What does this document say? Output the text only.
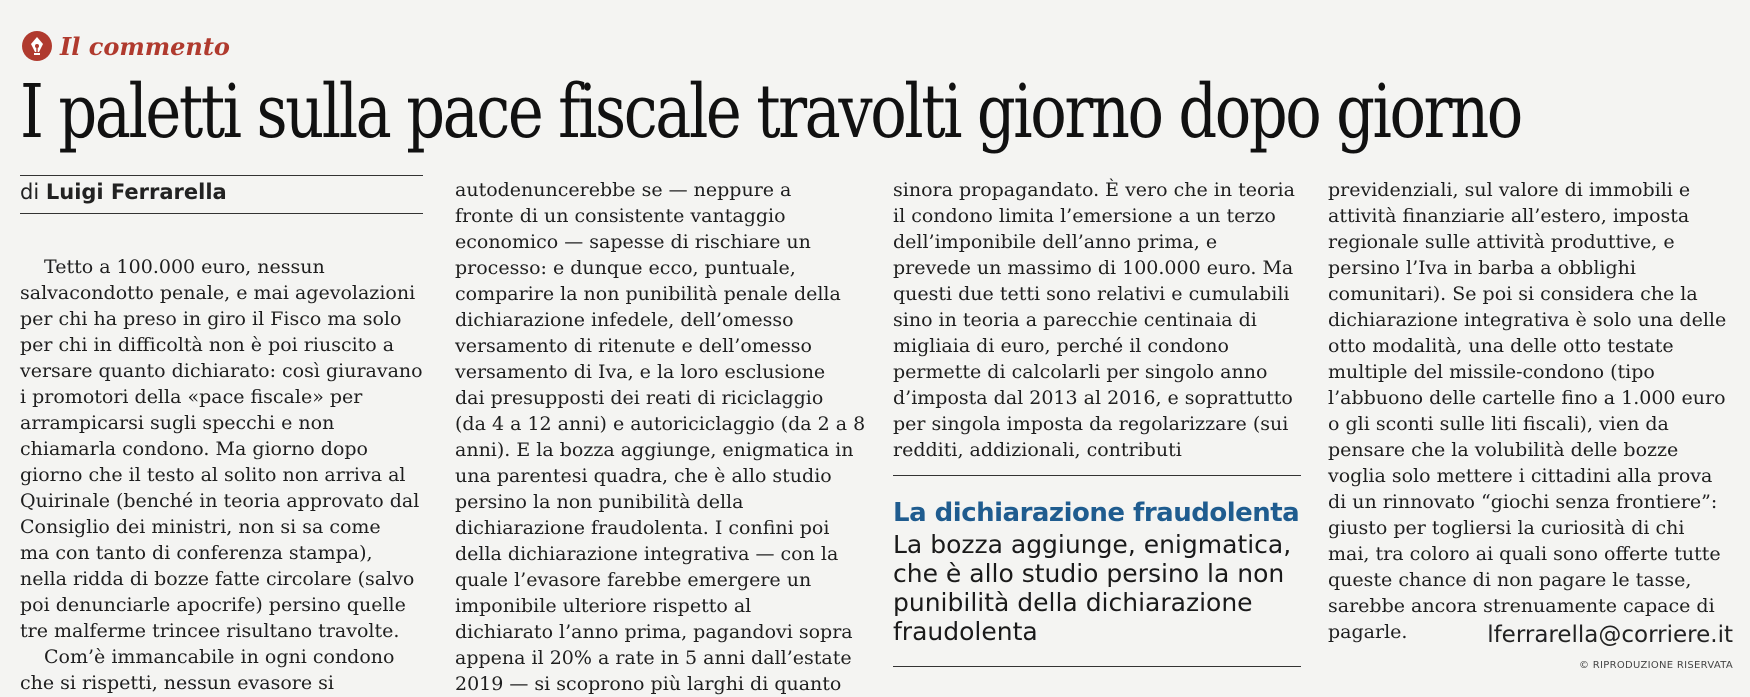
Il commento
I paletti sulla pace fiscale travolti giorno dopo giorno
di Luigi Ferrarella
Tetto a 100.000 euro, nessun
salvacondotto penale, e mai agevolazioni
per chi ha preso in giro il Fisco ma solo
per chi in difficoltà non è poi riuscito a
versare quanto dichiarato: così giuravano
i promotori della «pace fiscale» per
arrampicarsi sugli specchi e non
chiamarla condono. Ma giorno dopo
giorno che il testo al solito non arriva al
Quirinale (benché in teoria approvato dal
Consiglio dei ministri, non si sa come
ma con tanto di conferenza stampa),
nella ridda di bozze fatte circolare (salvo
poi denunciarle apocrife) persino quelle
tre malferme trincee risultano travolte.
Com’è immancabile in ogni condono
che si rispetti, nessun evasore si
autodenuncerebbe se — neppure a
fronte di un consistente vantaggio
economico — sapesse di rischiare un
processo: e dunque ecco, puntuale,
comparire la non punibilità penale della
dichiarazione infedele, dell’omesso
versamento di ritenute e dell’omesso
versamento di Iva, e la loro esclusione
dai presupposti dei reati di riciclaggio
(da 4 a 12 anni) e autoriciclaggio (da 2 a 8
anni). E la bozza aggiunge, enigmatica in
una parentesi quadra, che è allo studio
persino la non punibilità della
dichiarazione fraudolenta. I confini poi
della dichiarazione integrativa — con la
quale l’evasore farebbe emergere un
imponibile ulteriore rispetto al
dichiarato l’anno prima, pagandovi sopra
appena il 20% a rate in 5 anni dall’estate
2019 — si scoprono più larghi di quanto
sinora propagandato. È vero che in teoria
il condono limita l’emersione a un terzo
dell’imponibile dell’anno prima, e
prevede un massimo di 100.000 euro. Ma
questi due tetti sono relativi e cumulabili
sino in teoria a parecchie centinaia di
migliaia di euro, perché il condono
permette di calcolarli per singolo anno
d’imposta dal 2013 al 2016, e soprattutto
per singola imposta da regolarizzare (sui
redditi, addizionali, contributi
previdenziali, sul valore di immobili e
attività finanziarie all’estero, imposta
regionale sulle attività produttive, e
persino l’Iva in barba a obblighi
comunitari). Se poi si considera che la
dichiarazione integrativa è solo una delle
otto modalità, una delle otto testate
multiple del missile-condono (tipo
l’abbuono delle cartelle fino a 1.000 euro
o gli sconti sulle liti fiscali), vien da
pensare che la volubilità delle bozze
voglia solo mettere i cittadini alla prova
di un rinnovato “giochi senza frontiere”:
giusto per togliersi la curiosità di chi
mai, tra coloro ai quali sono offerte tutte
queste chance di non pagare le tasse,
sarebbe ancora strenuamente capace di
pagarle.
La dichiarazione fraudolenta
La bozza aggiunge, enigmatica,
che è allo studio persino la non
punibilità della dichiarazione
fraudolenta	lferrarella@corriere.it
© RIPRODUZIONE RISERVATA
